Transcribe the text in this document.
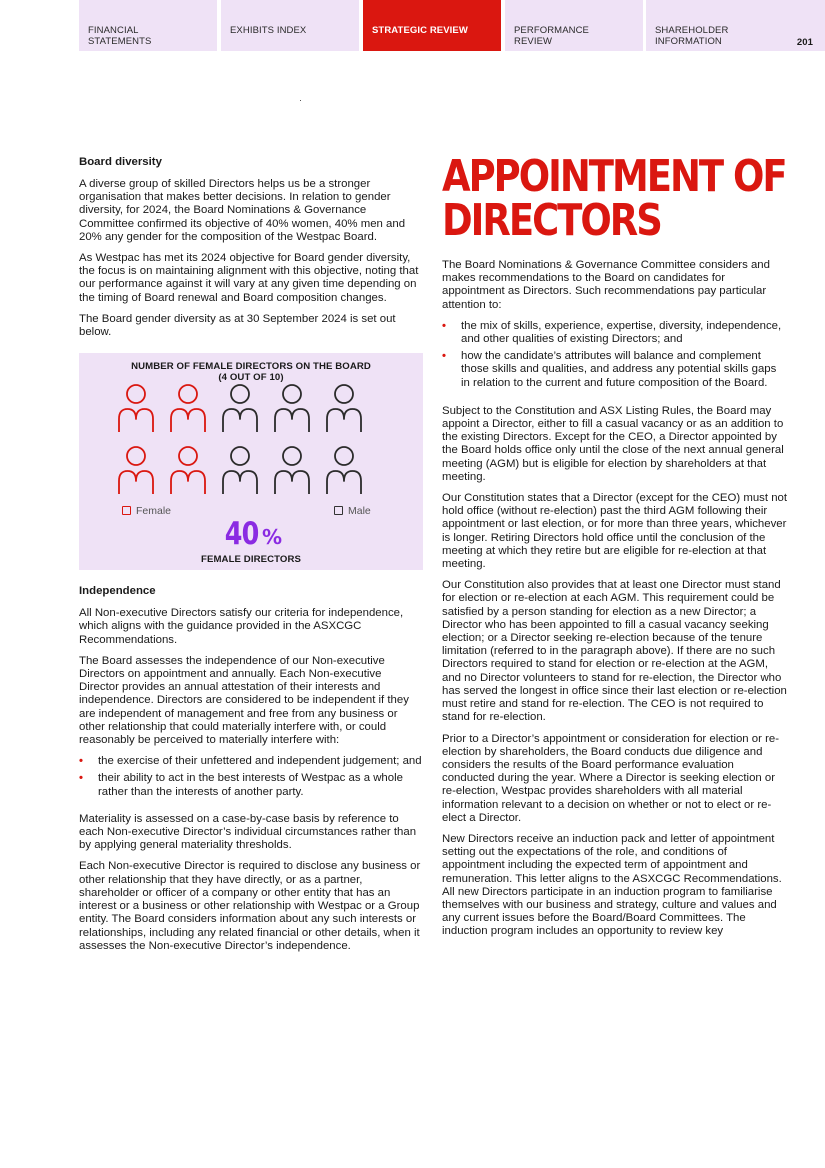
FINANCIAL
STATEMENTS
EXHIBITS INDEX	STRATEGIC REVIEW	PERFORMANCE
REVIEW
SHAREHOLDER
INFORMATION	201
Board diversity

A diverse group of skilled Directors helps us be a stronger organisation that makes better decisions. In relation to gender diversity, for 2024, the Board Nominations & Governance Committee confirmed its objective of 40% women, 40% men and 20% any gender for the composition of the Westpac Board.

As Westpac has met its 2024 objective for Board gender diversity, the focus is on maintaining alignment with this objective, noting that our performance against it will vary at any given time depending on the timing of Board renewal and Board composition changes.

The Board gender diversity as at 30 September 2024 is set out below.

NUMBER OF FEMALE DIRECTORS ON THE BOARD
(4 OUT OF 10)
Female	Male
40 %
FEMALE DIRECTORS
Independence

All Non-executive Directors satisfy our criteria for independence, which aligns with the guidance provided in the ASXCGC Recommendations.

The Board assesses the independence of our Non-executive Directors on appointment and annually. Each Non-executive Director provides an annual attestation of their interests and independence. Directors are considered to be independent if they are independent of management and free from any business or other relationship that could materially interfere with, or could reasonably be perceived to materially interfere with:

• the exercise of their unfettered and independent judgement; and
• their ability to act in the best interests of Westpac as a whole rather than the interests of another party.

Materiality is assessed on a case-by-case basis by reference to each Non-executive Director’s individual circumstances rather than by applying general materiality thresholds.

Each Non-executive Director is required to disclose any business or other relationship that they have directly, or as a partner, shareholder or officer of a company or other entity that has an interest or a business or other relationship with Westpac or a Group entity. The Board considers information about any such interests or relationships, including any related financial or other details, when it assesses the Non-executive Director’s independence.

APPOINTMENT OF
DIRECTORS

The Board Nominations & Governance Committee considers and makes recommendations to the Board on candidates for appointment as Directors. Such recommendations pay particular attention to:

• the mix of skills, experience, expertise, diversity, independence, and other qualities of existing Directors; and
• how the candidate’s attributes will balance and complement those skills and qualities, and address any potential skills gaps in relation to the current and future composition of the Board.

Subject to the Constitution and ASX Listing Rules, the Board may appoint a Director, either to fill a casual vacancy or as an addition to the existing Directors. Except for the CEO, a Director appointed by the Board holds office only until the close of the next annual general meeting (AGM) but is eligible for election by shareholders at that meeting.

Our Constitution states that a Director (except for the CEO) must not hold office (without re-election) past the third AGM following their appointment or last election, or for more than three years, whichever is longer. Retiring Directors hold office until the conclusion of the meeting at which they retire but are eligible for re-election at that meeting.

Our Constitution also provides that at least one Director must stand for election or re-election at each AGM. This requirement could be satisfied by a person standing for election as a new Director; a Director who has been appointed to fill a casual vacancy seeking election; or a Director seeking re-election because of the tenure limitation (referred to in the paragraph above). If there are no such Directors required to stand for election or re-election at the AGM, and no Director volunteers to stand for re-election, the Director who has served the longest in office since their last election or re-election must retire and stand for re-election. The CEO is not required to stand for re-election.

Prior to a Director’s appointment or consideration for election or re-election by shareholders, the Board conducts due diligence and considers the results of the Board performance evaluation conducted during the year. Where a Director is seeking election or re-election, Westpac provides shareholders with all material information relevant to a decision on whether or not to elect or re-elect a Director.

New Directors receive an induction pack and letter of appointment setting out the expectations of the role, and conditions of appointment including the expected term of appointment and remuneration. This letter aligns to the ASXCGC Recommendations. All new Directors participate in an induction program to familiarise themselves with our business and strategy, culture and values and any current issues before the Board/Board Committees. The induction program includes an opportunity to review key
